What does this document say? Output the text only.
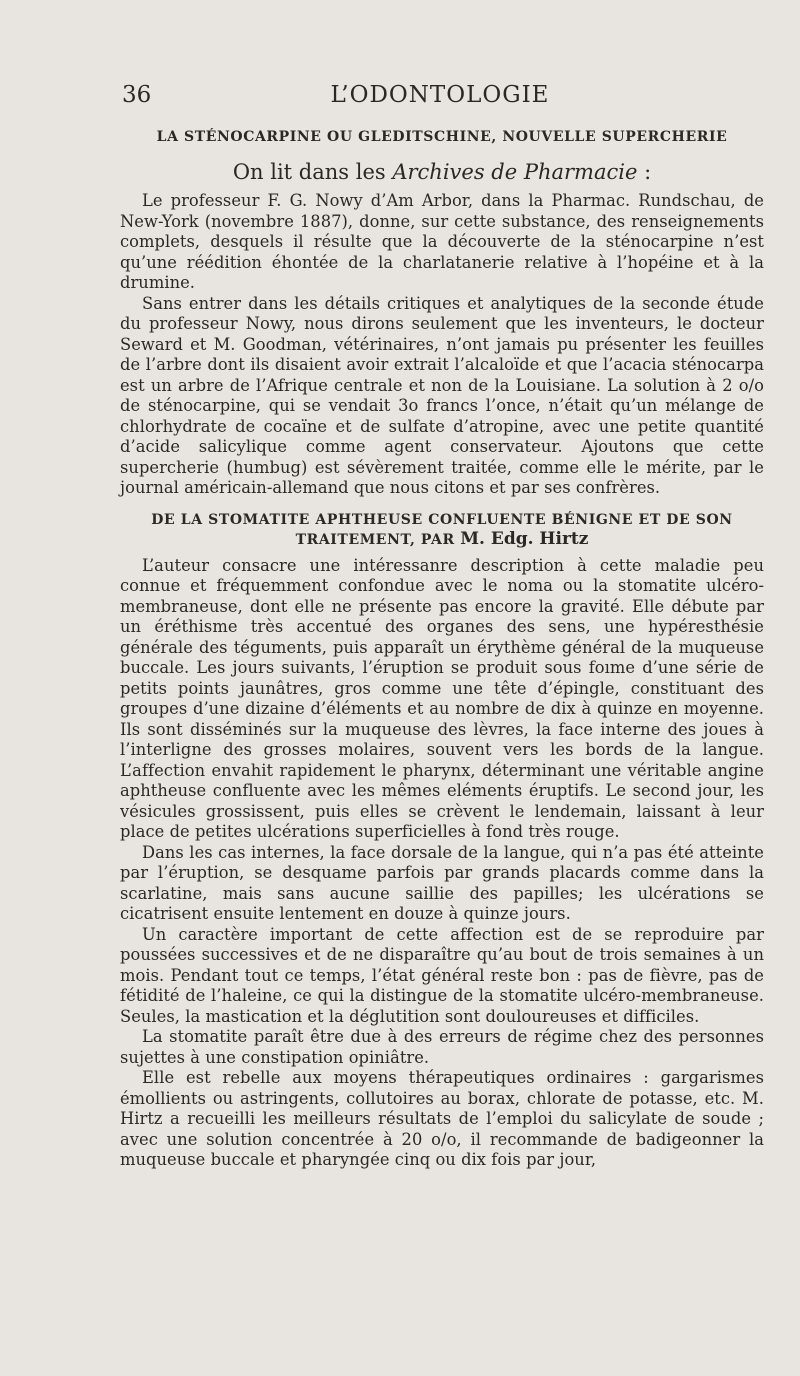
36	L’ODONTOLOGIE
LA STÉNOCARPINE OU GLEDITSCHINE, NOUVELLE SUPERCHERIE

On lit dans les Archives de Pharmacie :

Le professeur F. G. Nowy d’Am Arbor, dans la Pharmac. Rundschau, de New-York (novembre 1887), donne, sur cette substance, des renseignements complets, desquels il résulte que la découverte de la sténocarpine n’est qu’une réédition éhontée de la charlatanerie relative à l’hopéine et à la drumine.

Sans entrer dans les détails critiques et analytiques de la seconde étude du professeur Nowy, nous dirons seulement que les inventeurs, le docteur Seward et M. Goodman, vétérinaires, n’ont jamais pu présenter les feuilles de l’arbre dont ils disaient avoir extrait l’alcaloïde et que l’acacia sténocarpa est un arbre de l’Afrique centrale et non de la Louisiane. La solution à 2 o/o de sténocarpine, qui se vendait 3o francs l’once, n’était qu’un mélange de chlorhydrate de cocaïne et de sulfate d’atropine, avec une petite quantité d’acide salicylique comme agent conservateur. Ajoutons que cette supercherie (humbug) est sévèrement traitée, comme elle le mérite, par le journal américain-allemand que nous citons et par ses confrères.

DE LA STOMATITE APHTHEUSE CONFLUENTE BÉNIGNE ET DE SON TRAITEMENT, PAR M. Edg. Hirtz

L’auteur consacre une intéressanre description à cette maladie peu connue et fréquemment confondue avec le noma ou la stomatite ulcéro-membraneuse, dont elle ne présente pas encore la gravité. Elle débute par un éréthisme très accentué des organes des sens, une hypéresthésie générale des téguments, puis apparaît un érythème général de la muqueuse buccale. Les jours suivants, l’éruption se produit sous foıme d’une série de petits points jaunâtres, gros comme une tête d’épingle, constituant des groupes d’une dizaine d’éléments et au nombre de dix à quinze en moyenne. Ils sont disséminés sur la muqueuse des lèvres, la face interne des joues à l’interligne des grosses molaires, souvent vers les bords de la langue. L’affection envahit rapidement le pharynx, déterminant une véritable angine aphtheuse confluente avec les mêmes eléments éruptifs. Le second jour, les vésicules grossissent, puis elles se crèvent le lendemain, laissant à leur place de petites ulcérations superficielles à fond très rouge.

Dans les cas internes, la face dorsale de la langue, qui n’a pas été atteinte par l’éruption, se desquame parfois par grands placards comme dans la scarlatine, mais sans aucune saillie des papilles; les ulcérations se cicatrisent ensuite lentement en douze à quinze jours.

Un caractère important de cette affection est de se reproduire par poussées successives et de ne disparaître qu’au bout de trois semaines à un mois. Pendant tout ce temps, l’état général reste bon : pas de fièvre, pas de fétidité de l’haleine, ce qui la distingue de la stomatite ulcéro-membraneuse. Seules, la mastication et la déglutition sont douloureuses et difficiles.

La stomatite paraît être due à des erreurs de régime chez des personnes sujettes à une constipation opiniâtre.

Elle est rebelle aux moyens thérapeutiques ordinaires : gargarismes émollients ou astringents, collutoires au borax, chlorate de potasse, etc. M. Hirtz a recueilli les meilleurs résultats de l’emploi du salicylate de soude ; avec une solution concentrée à 20 o/o, il recommande de badigeonner la muqueuse buccale et pharyngée cinq ou dix fois par jour,
